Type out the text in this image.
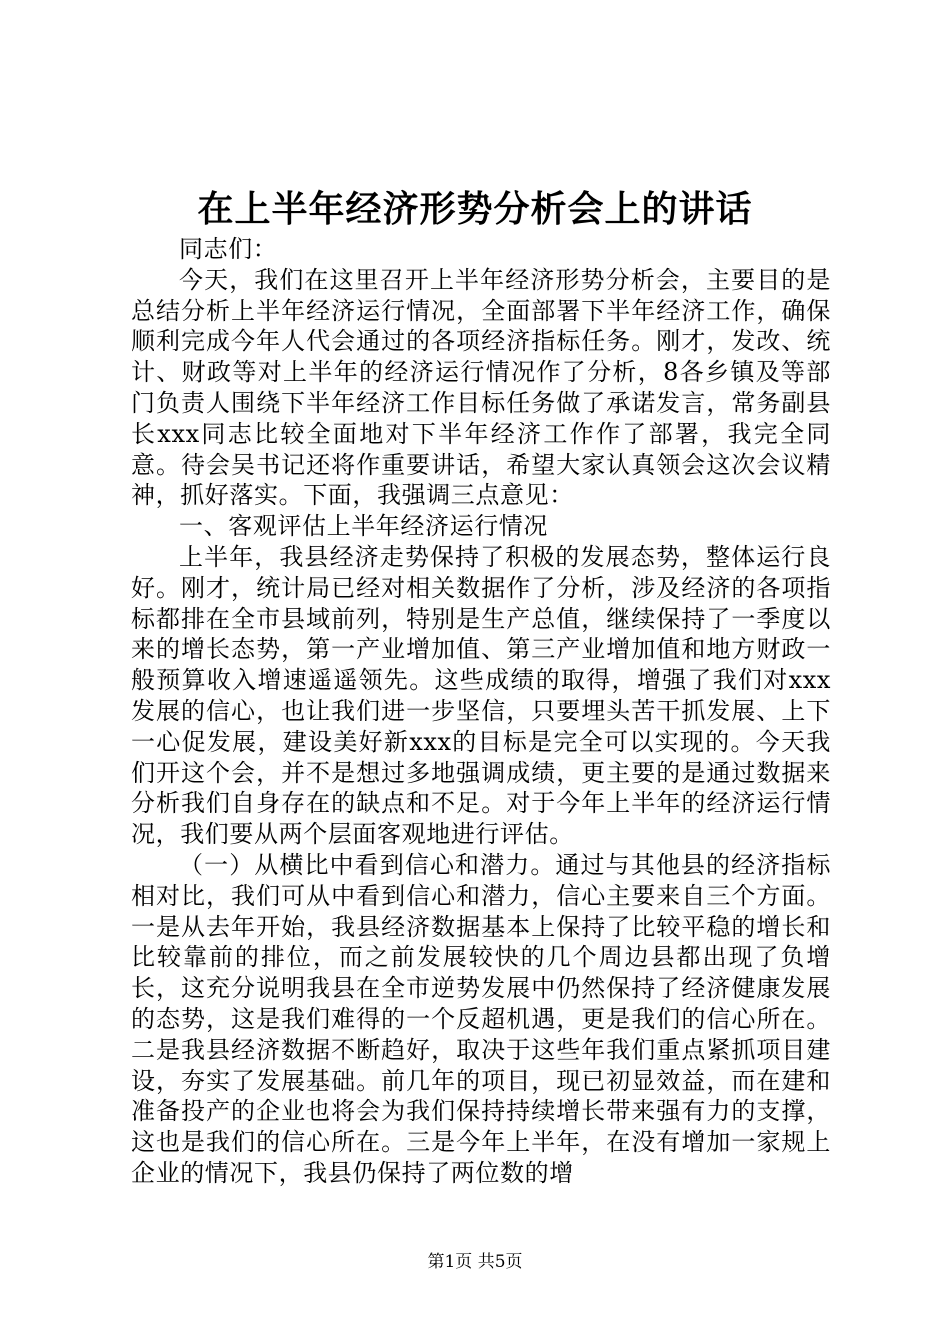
在上半年经济形势分析会上的讲话

同志们：

今天，我们在这里召开上半年经济形势分析会，主要目的是总结分析上半年经济运行情况，全面部署下半年经济工作，确保顺利完成今年人代会通过的各项经济指标任务。刚才，发改、统计、财政等对上半年的经济运行情况作了分析，8各乡镇及等部门负责人围绕下半年经济工作目标任务做了承诺发言，常务副县长xxx同志比较全面地对下半年经济工作作了部署，我完全同意。待会吴书记还将作重要讲话，希望大家认真领会这次会议精神，抓好落实。下面，我强调三点意见：

一、客观评估上半年经济运行情况

上半年，我县经济走势保持了积极的发展态势，整体运行良好。刚才，统计局已经对相关数据作了分析，涉及经济的各项指标都排在全市县域前列，特别是生产总值，继续保持了一季度以来的增长态势，第一产业增加值、第三产业增加值和地方财政一般预算收入增速遥遥领先。这些成绩的取得，增强了我们对xxx发展的信心，也让我们进一步坚信，只要埋头苦干抓发展、上下一心促发展，建设美好新xxx的目标是完全可以实现的。今天我们开这个会，并不是想过多地强调成绩，更主要的是通过数据来分析我们自身存在的缺点和不足。对于今年上半年的经济运行情况，我们要从两个层面客观地进行评估。

（一）从横比中看到信心和潜力。通过与其他县的经济指标相对比，我们可从中看到信心和潜力，信心主要来自三个方面。一是从去年开始，我县经济数据基本上保持了比较平稳的增长和比较靠前的排位，而之前发展较快的几个周边县都出现了负增长，这充分说明我县在全市逆势发展中仍然保持了经济健康发展的态势，这是我们难得的一个反超机遇，更是我们的信心所在。二是我县经济数据不断趋好，取决于这些年我们重点紧抓项目建设，夯实了发展基础。前几年的项目，现已初显效益，而在建和准备投产的企业也将会为我们保持持续增长带来强有力的支撑，这也是我们的信心所在。三是今年上半年，在没有增加一家规上企业的情况下，我县仍保持了两位数的增

第1页 共5页
